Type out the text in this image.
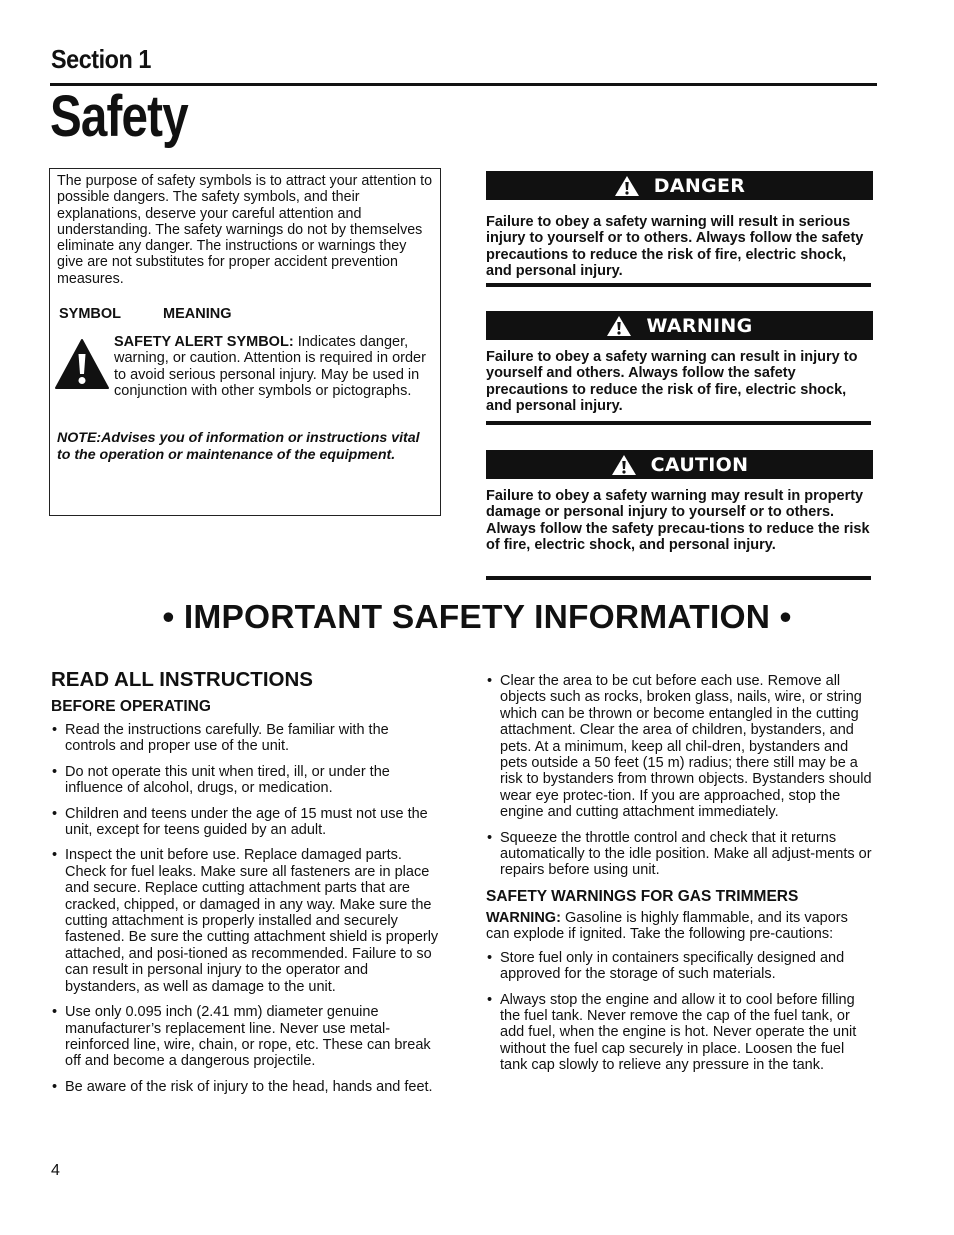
Section 1
Safety
The purpose of safety symbols is to attract your attention to possible dangers. The safety symbols, and their explanations, deserve your careful attention and understanding. The safety warnings do not by themselves eliminate any danger. The instructions or warnings they give are not substitutes for proper accident prevention measures.
SYMBOL	MEANING
SAFETY ALERT SYMBOL: Indicates danger, warning, or caution. Attention is required in order to avoid serious personal injury. May be used in conjunction with other symbols or pictographs.
NOTE:Advises you of information or instructions vital to the operation or maintenance of the equipment.
DANGER
Failure to obey a safety warning will result in serious injury to yourself or to others. Always follow the safety precautions to reduce the risk of fire, electric shock, and personal injury.
WARNING
Failure to obey a safety warning can result in injury to yourself and others. Always follow the safety precautions to reduce the risk of fire, electric shock, and personal injury.
CAUTION
Failure to obey a safety warning may result in property damage or personal injury to yourself or to others. Always follow the safety precau-tions to reduce the risk of fire, electric shock, and personal injury.
• IMPORTANT SAFETY INFORMATION •
READ ALL INSTRUCTIONS
BEFORE OPERATING
• Read the instructions carefully. Be familiar with the controls and proper use of the unit.
• Do not operate this unit when tired, ill, or under the influence of alcohol, drugs, or medication.
• Children and teens under the age of 15 must not use the unit, except for teens guided by an adult.
• Inspect the unit before use. Replace damaged parts. Check for fuel leaks. Make sure all fasteners are in place and secure. Replace cutting attachment parts that are cracked, chipped, or damaged in any way. Make sure the cutting attachment is properly installed and securely fastened. Be sure the cutting attachment shield is properly attached, and posi-tioned as recommended. Failure to so can result in personal injury to the operator and bystanders, as well as damage to the unit.
• Use only 0.095 inch (2.41 mm) diameter genuine manufacturer’s replacement line. Never use metal-reinforced line, wire, chain, or rope, etc. These can break off and become a dangerous projectile.
• Be aware of the risk of injury to the head, hands and feet.
• Clear the area to be cut before each use. Remove all objects such as rocks, broken glass, nails, wire, or string which can be thrown or become entangled in the cutting attachment. Clear the area of children, bystanders, and pets. At a minimum, keep all chil-dren, bystanders and pets outside a 50 feet (15 m) radius; there still may be a risk to bystanders from thrown objects. Bystanders should wear eye protec-tion. If you are approached, stop the engine and cutting attachment immediately.
• Squeeze the throttle control and check that it returns automatically to the idle position. Make all adjust-ments or repairs before using unit.
SAFETY WARNINGS FOR GAS TRIMMERS

WARNING: Gasoline is highly flammable, and its vapors can explode if ignited. Take the following pre-cautions:

• Store fuel only in containers specifically designed and approved for the storage of such materials.
• Always stop the engine and allow it to cool before filling the fuel tank. Never remove the cap of the fuel tank, or add fuel, when the engine is hot. Never operate the unit without the fuel cap securely in place. Loosen the fuel tank cap slowly to relieve any pressure in the tank.
4
